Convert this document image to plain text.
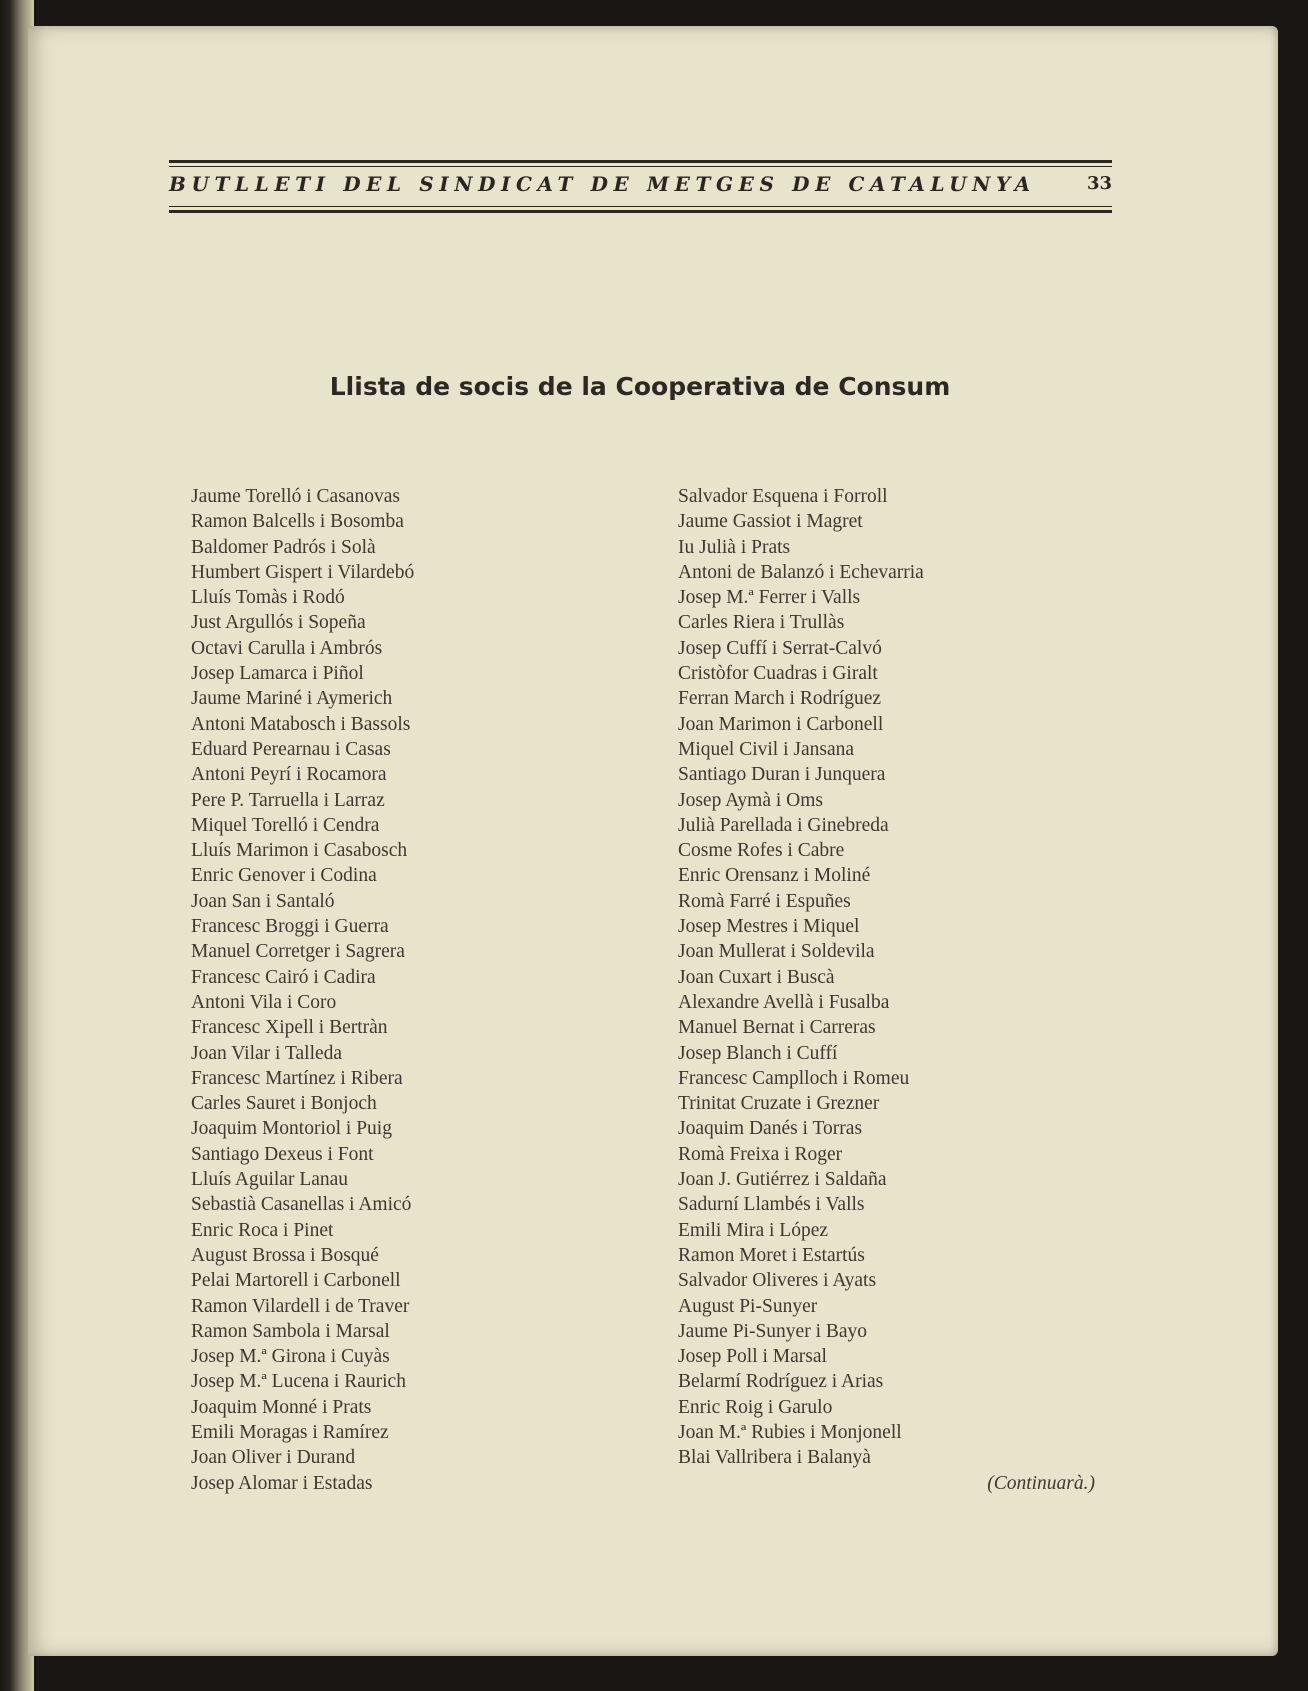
BUTLLETI DEL SINDICAT DE METGES DE CATALUNYA	33
Llista de socis de la Cooperativa de Consum
Jaume Torelló i Casanovas
Ramon Balcells i Bosomba
Baldomer Padrós i Solà
Humbert Gispert i Vilardebó
Lluís Tomàs i Rodó
Just Argullós i Sopeña
Octavi Carulla i Ambrós
Josep Lamarca i Piñol
Jaume Mariné i Aymerich
Antoni Matabosch i Bassols
Eduard Perearnau i Casas
Antoni Peyrí i Rocamora
Pere P. Tarruella i Larraz
Miquel Torelló i Cendra
Lluís Marimon i Casabosch
Enric Genover i Codina
Joan San i Santaló
Francesc Broggi i Guerra
Manuel Corretger i Sagrera
Francesc Cairó i Cadira
Antoni Vila i Coro
Francesc Xipell i Bertràn
Joan Vilar i Talleda
Francesc Martínez i Ribera
Carles Sauret i Bonjoch
Joaquim Montoriol i Puig
Santiago Dexeus i Font
Lluís Aguilar Lanau
Sebastià Casanellas i Amicó
Enric Roca i Pinet
August Brossa i Bosqué
Pelai Martorell i Carbonell
Ramon Vilardell i de Traver
Ramon Sambola i Marsal
Josep M.ª Girona i Cuyàs
Josep M.ª Lucena i Raurich
Joaquim Monné i Prats
Emili Moragas i Ramírez
Joan Oliver i Durand
Josep Alomar i Estadas
Salvador Esquena i Forroll
Jaume Gassiot i Magret
Iu Julià i Prats
Antoni de Balanzó i Echevarria
Josep M.ª Ferrer i Valls
Carles Riera i Trullàs
Josep Cuffí i Serrat-Calvó
Cristòfor Cuadras i Giralt
Ferran March i Rodríguez
Joan Marimon i Carbonell
Miquel Civil i Jansana
Santiago Duran i Junquera
Josep Aymà i Oms
Julià Parellada i Ginebreda
Cosme Rofes i Cabre
Enric Orensanz i Moliné
Romà Farré i Espuñes
Josep Mestres i Miquel
Joan Mullerat i Soldevila
Joan Cuxart i Buscà
Alexandre Avellà i Fusalba
Manuel Bernat i Carreras
Josep Blanch i Cuffí
Francesc Camplloch i Romeu
Trinitat Cruzate i Grezner
Joaquim Danés i Torras
Romà Freixa i Roger
Joan J. Gutiérrez i Saldaña
Sadurní Llambés i Valls
Emili Mira i López
Ramon Moret i Estartús
Salvador Oliveres i Ayats
August Pi-Sunyer
Jaume Pi-Sunyer i Bayo
Josep Poll i Marsal
Belarmí Rodríguez i Arias
Enric Roig i Garulo
Joan M.ª Rubies i Monjonell
Blai Vallribera i Balanyà
(Continuarà.)
